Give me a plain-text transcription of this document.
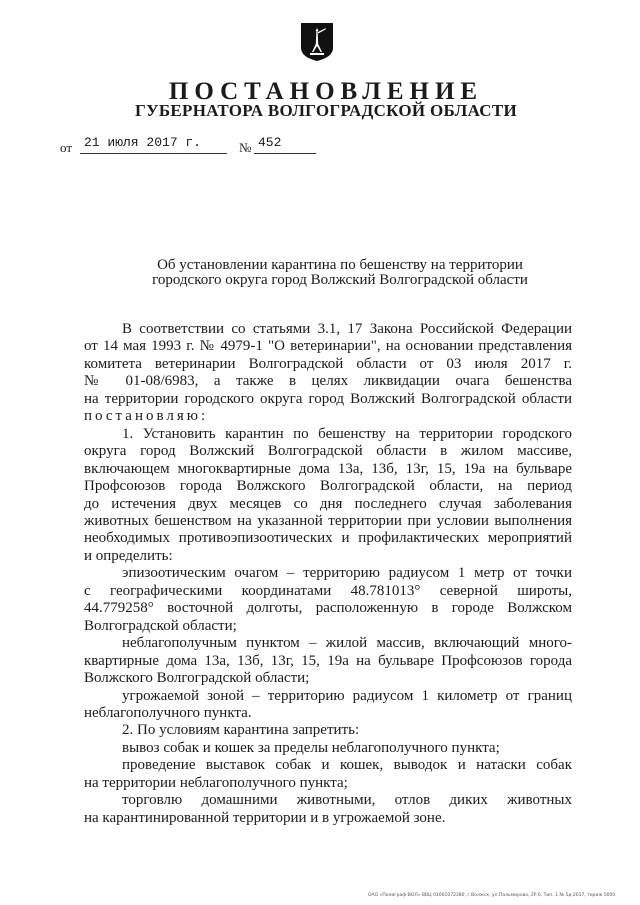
ПОСТАНОВЛЕНИЕ
ГУБЕРНАТОРА ВОЛГОГРАДСКОЙ ОБЛАСТИ
от 21 июля 2017 г.	№ 452
Об установлении карантина по бешенству на территории
городского округа город Волжский Волгоградской области

В соответствии со статьями 3.1, 17 Закона Российской Федерации

от 14 мая 1993 г. № 4979-1 "О ветеринарии", на основании представления

комитета ветеринарии Волгоградской области от 03 июля 2017 г.

№ 01-08/6983, а также в целях ликвидации очага бешенства

на территории городского округа город Волжский Волгоградской области

постановляю:

1. Установить карантин по бешенству на территории городского

округа город Волжский Волгоградской области в жилом массиве,

включающем многоквартирные дома 13а, 13б, 13г, 15, 19а на бульваре

Профсоюзов города Волжского Волгоградской области, на период

до истечения двух месяцев со дня последнего случая заболевания

животных бешенством на указанной территории при условии выполнения

необходимых противоэпизоотических и профилактических мероприятий

и определить:

эпизоотическим очагом – территорию радиусом 1 метр от точки

с географическими координатами 48.781013° северной широты,

44.779258° восточной долготы, расположенную в городе Волжском

Волгоградской области;

неблагополучным пунктом – жилой массив, включающий много-

квартирные дома 13а, 13б, 13г, 15, 19а на бульваре Профсоюзов города

Волжского Волгоградской области;

угрожаемой зоной – территорию радиусом 1 километр от границ

неблагополучного пункта.

2. По условиям карантина запретить:

вывоз собак и кошек за пределы неблагополучного пункта;

проведение выставок собак и кошек, выводок и натаски собак

на территории неблагополучного пункта;

торговлю домашними животными, отлов диких животных

на карантинированной территории и в угрожаемой зоне.

ОАО «Полиграф-ВОЛ» ВВЦ 01001072380, г.Волжск, ул.Пальмирова, 2Р.6, Тип. 1 № 5д 2017, тираж 5000
